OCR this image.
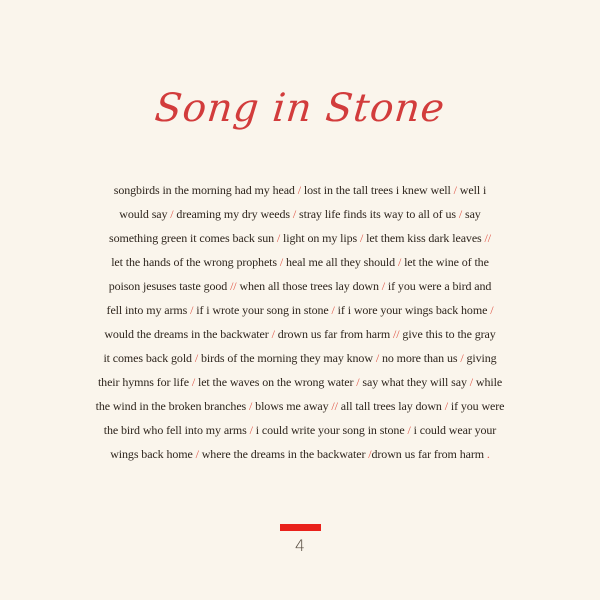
Song in Stone
songbirds in the morning had my head / lost in the tall trees i knew well / well i
would say / dreaming my dry weeds / stray life finds its way to all of us / say
something green it comes back sun / light on my lips / let them kiss dark leaves //
let the hands of the wrong prophets / heal me all they should / let the wine of the
poison jesuses taste good // when all those trees lay down / if you were a bird and
fell into my arms / if i wrote your song in stone / if i wore your wings back home /
would the dreams in the backwater / drown us far from harm // give this to the gray
it comes back gold / birds of the morning they may know / no more than us / giving
their hymns for life / let the waves on the wrong water / say what they will say / while
the wind in the broken branches / blows me away // all tall trees lay down / if you were
the bird who fell into my arms / i could write your song in stone / i could wear your
wings back home / where the dreams in the backwater /drown us far from harm .
4
